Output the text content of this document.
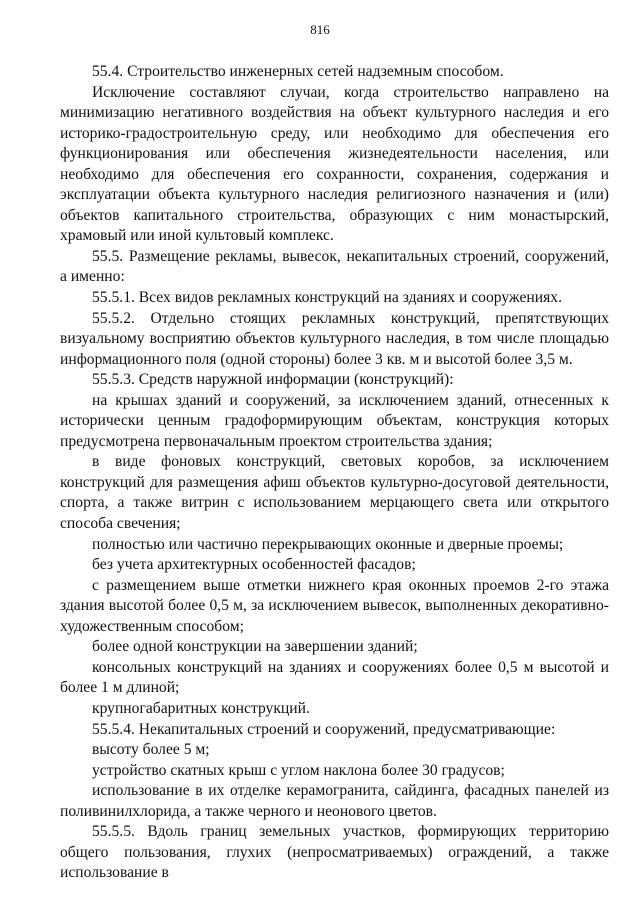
816

55.4. Строительство инженерных сетей надземным способом.

Исключение составляют случаи, когда строительство направлено на минимизацию негативного воздействия на объект культурного наследия и его историко-градостроительную среду, или необходимо для обеспечения его функционирования или обеспечения жизнедеятельности населения, или необходимо для обеспечения его сохранности, сохранения, содержания и эксплуатации объекта культурного наследия религиозного назначения и (или) объектов капитального строительства, образующих с ним монастырский, храмовый или иной культовый комплекс.

55.5. Размещение рекламы, вывесок, некапитальных строений, сооружений, а именно:

55.5.1. Всех видов рекламных конструкций на зданиях и сооружениях.

55.5.2. Отдельно стоящих рекламных конструкций, препятствующих визуальному восприятию объектов культурного наследия, в том числе площадью информационного поля (одной стороны) более 3 кв. м и высотой более 3,5 м.

55.5.3. Средств наружной информации (конструкций):

на крышах зданий и сооружений, за исключением зданий, отнесенных к исторически ценным градоформирующим объектам, конструкция которых предусмотрена первоначальным проектом строительства здания;

в виде фоновых конструкций, световых коробов, за исключением конструкций для размещения афиш объектов культурно-досуговой деятельности, спорта, а также витрин с использованием мерцающего света или открытого способа свечения;

полностью или частично перекрывающих оконные и дверные проемы;

без учета архитектурных особенностей фасадов;

с размещением выше отметки нижнего края оконных проемов 2-го этажа здания высотой более 0,5 м, за исключением вывесок, выполненных декоративно-художественным способом;

более одной конструкции на завершении зданий;

консольных конструкций на зданиях и сооружениях более 0,5 м высотой и более 1 м длиной;

крупногабаритных конструкций.

55.5.4. Некапитальных строений и сооружений, предусматривающие:

высоту более 5 м;

устройство скатных крыш с углом наклона более 30 градусов;

использование в их отделке керамогранита, сайдинга, фасадных панелей из поливинилхлорида, а также черного и неонового цветов.

55.5.5. Вдоль границ земельных участков, формирующих территорию общего пользования, глухих (непросматриваемых) ограждений, а также использование в
